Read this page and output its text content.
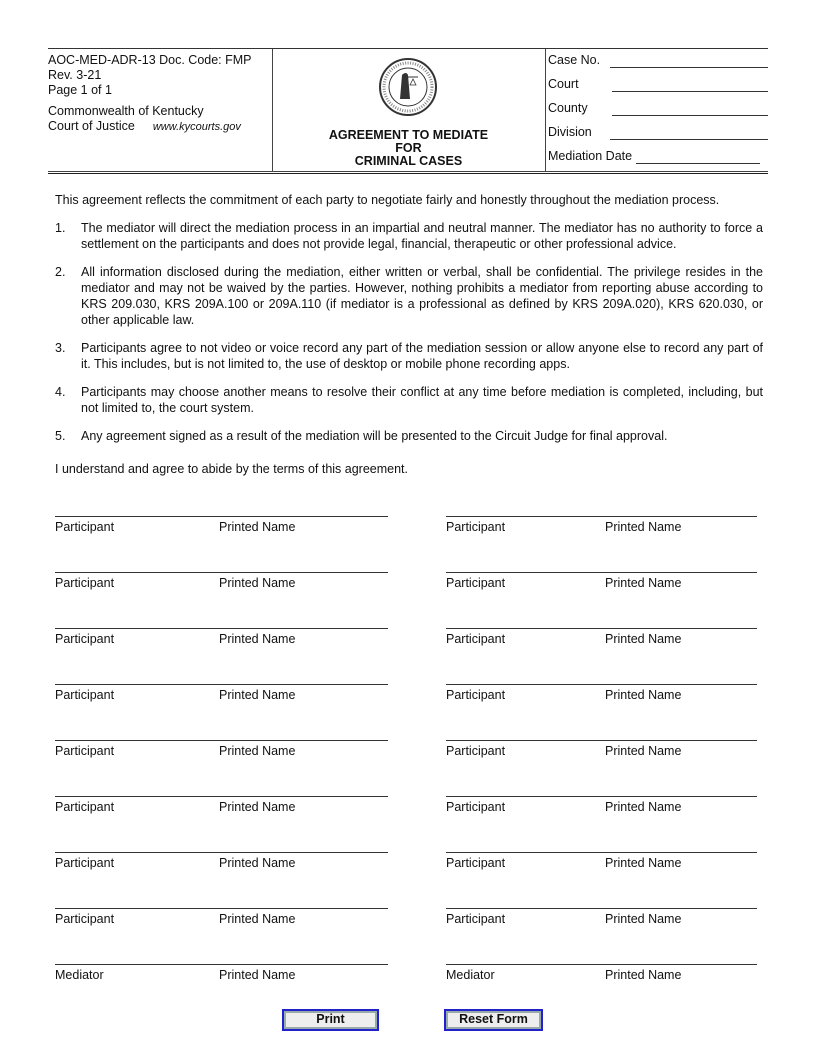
AOC-MED-ADR-13 Doc. Code: FMP
Rev. 3-21
Page 1 of 1
Commonwealth of Kentucky
Court of Justice www.kycourts.gov
AGREEMENT TO MEDIATE
FOR
CRIMINAL CASES
Case No.
Court
County
Division
Mediation Date
This agreement reflects the commitment of each party to negotiate fairly and honestly throughout the mediation process.
1.	The mediator will direct the mediation process in an impartial and neutral manner. The mediator has no authority to force a settlement on the participants and does not provide legal, financial, therapeutic or other professional advice.
2.	All information disclosed during the mediation, either written or verbal, shall be confidential. The privilege resides in the mediator and may not be waived by the parties. However, nothing prohibits a mediator from reporting abuse according to KRS 209.030, KRS 209A.100 or 209A.110 (if mediator is a professional as defined by KRS 209A.020), KRS 620.030, or other applicable law.
3.	Participants agree to not video or voice record any part of the mediation session or allow anyone else to record any part of it. This includes, but is not limited to, the use of desktop or mobile phone recording apps.
4.	Participants may choose another means to resolve their conflict at any time before mediation is completed, including, but not limited to, the court system.
5.	Any agreement signed as a result of the mediation will be presented to the Circuit Judge for final approval.
I understand and agree to abide by the terms of this agreement.
Participant	Printed Name	Participant	Printed Name
Participant	Printed Name	Participant	Printed Name
Participant	Printed Name	Participant	Printed Name
Participant	Printed Name	Participant	Printed Name
Participant	Printed Name	Participant	Printed Name
Participant	Printed Name	Participant	Printed Name
Participant	Printed Name	Participant	Printed Name
Participant	Printed Name	Participant	Printed Name
Mediator	Printed Name	Mediator	Printed Name
Print	Reset Form
